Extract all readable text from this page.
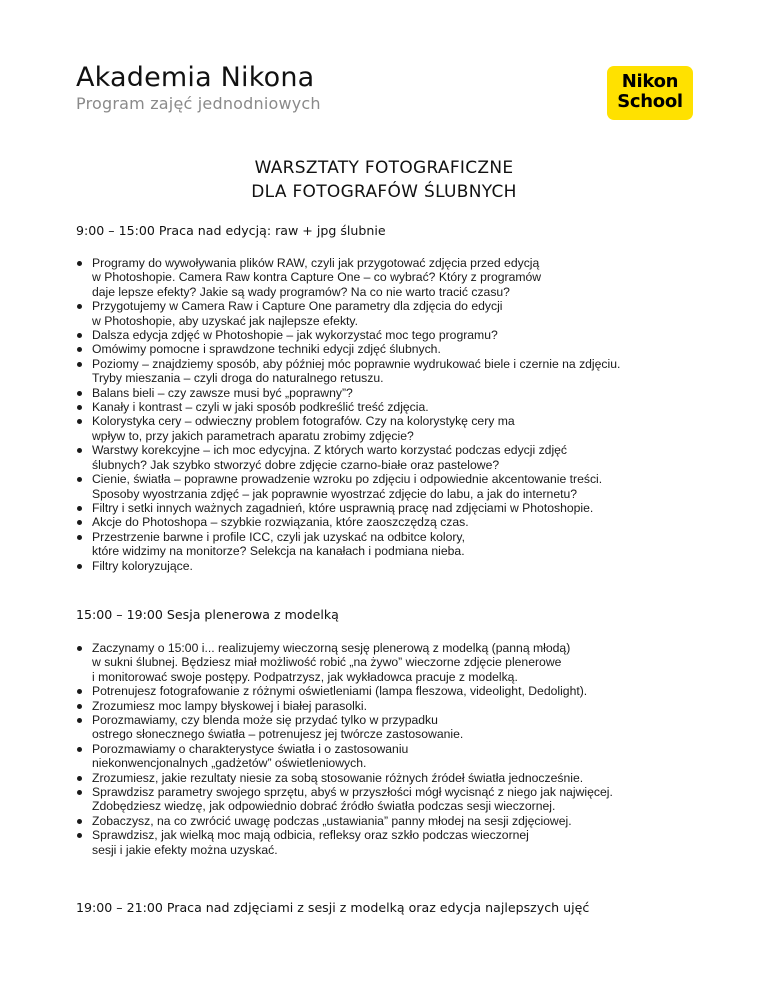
Akademia Nikona
Program zajęć jednodniowych
Nikon
School
WARSZTATY FOTOGRAFICZNE
DLA FOTOGRAFÓW ŚLUBNYCH
9:00 – 15:00 Praca nad edycją: raw + jpg ślubnie
Programy do wywoływania plików RAW, czyli jak przygotować zdjęcia przed edycją
w Photoshopie. Camera Raw kontra Capture One – co wybrać? Który z programów
daje lepsze efekty? Jakie są wady programów? Na co nie warto tracić czasu?
Przygotujemy w Camera Raw i Capture One parametry dla zdjęcia do edycji
w Photoshopie, aby uzyskać jak najlepsze efekty.
Dalsza edycja zdjęć w Photoshopie – jak wykorzystać moc tego programu?
Omówimy pomocne i sprawdzone techniki edycji zdjęć ślubnych.
Poziomy – znajdziemy sposób, aby później móc poprawnie wydrukować biele i czernie na zdjęciu.
Tryby mieszania – czyli droga do naturalnego retuszu.
Balans bieli – czy zawsze musi być „poprawny”?
Kanały i kontrast – czyli w jaki sposób podkreślić treść zdjęcia.
Kolorystyka cery – odwieczny problem fotografów. Czy na kolorystykę cery ma
wpływ to, przy jakich parametrach aparatu zrobimy zdjęcie?
Warstwy korekcyjne – ich moc edycyjna. Z których warto korzystać podczas edycji zdjęć
ślubnych? Jak szybko stworzyć dobre zdjęcie czarno-białe oraz pastelowe?
Cienie, światła – poprawne prowadzenie wzroku po zdjęciu i odpowiednie akcentowanie treści.
Sposoby wyostrzania zdjęć – jak poprawnie wyostrzać zdjęcie do labu, a jak do internetu?
Filtry i setki innych ważnych zagadnień, które usprawnią pracę nad zdjęciami w Photoshopie.
Akcje do Photoshopa – szybkie rozwiązania, które zaoszczędzą czas.
Przestrzenie barwne i profile ICC, czyli jak uzyskać na odbitce kolory,
które widzimy na monitorze? Selekcja na kanałach i podmiana nieba.
Filtry koloryzujące.
15:00 – 19:00 Sesja plenerowa z modelką
Zaczynamy o 15:00 i... realizujemy wieczorną sesję plenerową z modelką (panną młodą)
w sukni ślubnej. Będziesz miał możliwość robić „na żywo” wieczorne zdjęcie plenerowe
i monitorować swoje postępy. Podpatrzysz, jak wykładowca pracuje z modelką.
Potrenujesz fotografowanie z różnymi oświetleniami (lampa fleszowa, videolight, Dedolight).
Zrozumiesz moc lampy błyskowej i białej parasolki.
Porozmawiamy, czy blenda może się przydać tylko w przypadku
ostrego słonecznego światła – potrenujesz jej twórcze zastosowanie.
Porozmawiamy o charakterystyce światła i o zastosowaniu
niekonwencjonalnych „gadżetów” oświetleniowych.
Zrozumiesz, jakie rezultaty niesie za sobą stosowanie różnych źródeł światła jednocześnie.
Sprawdzisz parametry swojego sprzętu, abyś w przyszłości mógł wycisnąć z niego jak najwięcej.
Zdobędziesz wiedzę, jak odpowiednio dobrać źródło światła podczas sesji wieczornej.
Zobaczysz, na co zwrócić uwagę podczas „ustawiania” panny młodej na sesji zdjęciowej.
Sprawdzisz, jak wielką moc mają odbicia, refleksy oraz szkło podczas wieczornej
sesji i jakie efekty można uzyskać.
19:00 – 21:00 Praca nad zdjęciami z sesji z modelką oraz edycja najlepszych ujęć
